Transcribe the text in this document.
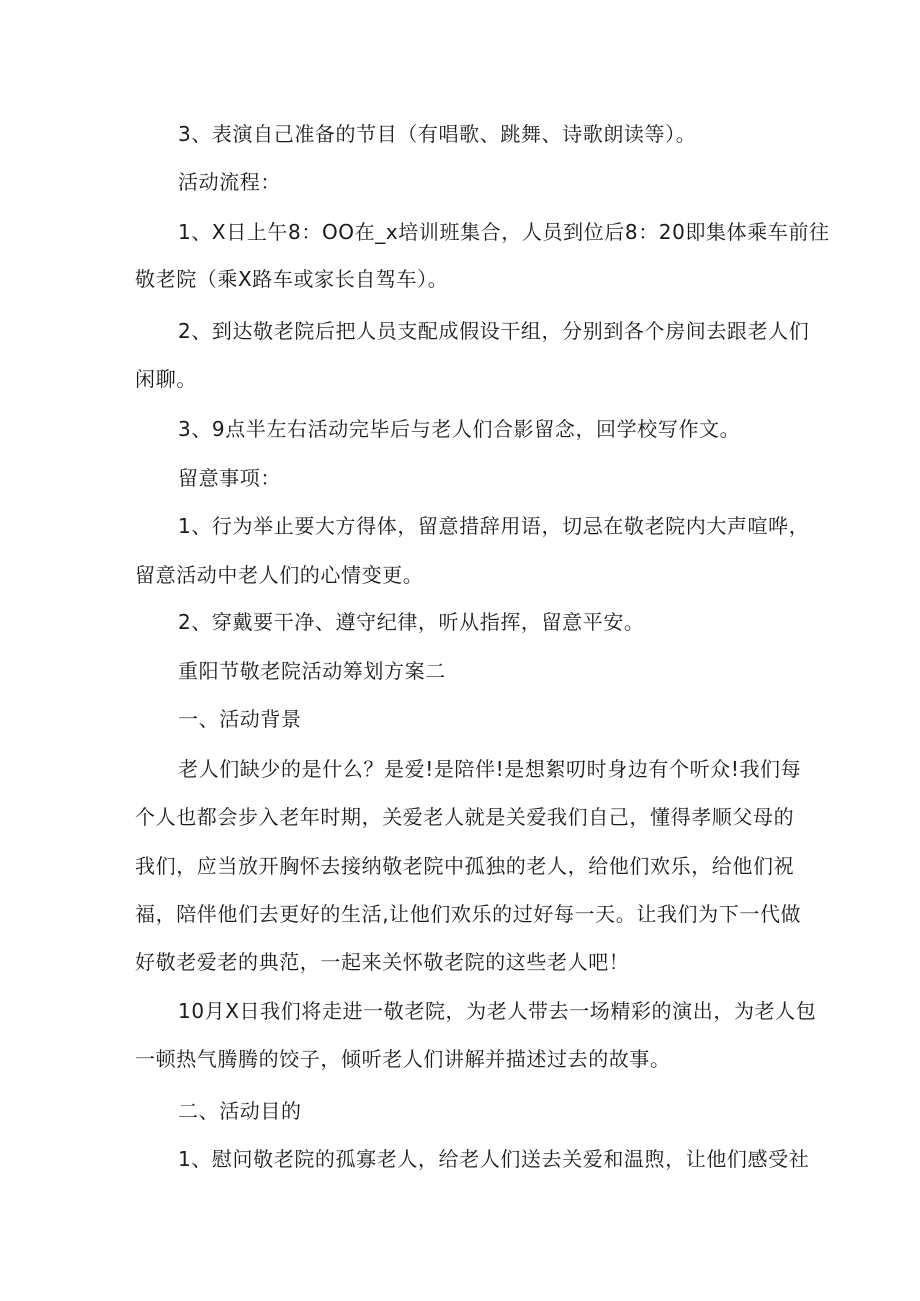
3、表演自己准备的节目（有唱歌、跳舞、诗歌朗读等）。
活动流程：
1、X日上午8：OO在_x培训班集合，人员到位后8：20即集体乘车前往
敬老院（乘X路车或家长自驾车）。
2、到达敬老院后把人员支配成假设干组，分别到各个房间去跟老人们
闲聊。
3、9点半左右活动完毕后与老人们合影留念，回学校写作文。
留意事项：
1、行为举止要大方得体，留意措辞用语，切忌在敬老院内大声喧哗，
留意活动中老人们的心情变更。
2、穿戴要干净、遵守纪律，听从指挥，留意平安。
重阳节敬老院活动筹划方案二
一、活动背景
老人们缺少的是什么？是爱!是陪伴!是想絮叨时身边有个听众!我们每
个人也都会步入老年时期，关爱老人就是关爱我们自己，懂得孝顺父母的
我们，应当放开胸怀去接纳敬老院中孤独的老人，给他们欢乐，给他们祝
福，陪伴他们去更好的生活,让他们欢乐的过好每一天。让我们为下一代做
好敬老爱老的典范，一起来关怀敬老院的这些老人吧！
10月X日我们将走进一敬老院，为老人带去一场精彩的演出，为老人包
一顿热气腾腾的饺子，倾听老人们讲解并描述过去的故事。
二、活动目的
1、慰问敬老院的孤寡老人，给老人们送去关爱和温煦，让他们感受社
